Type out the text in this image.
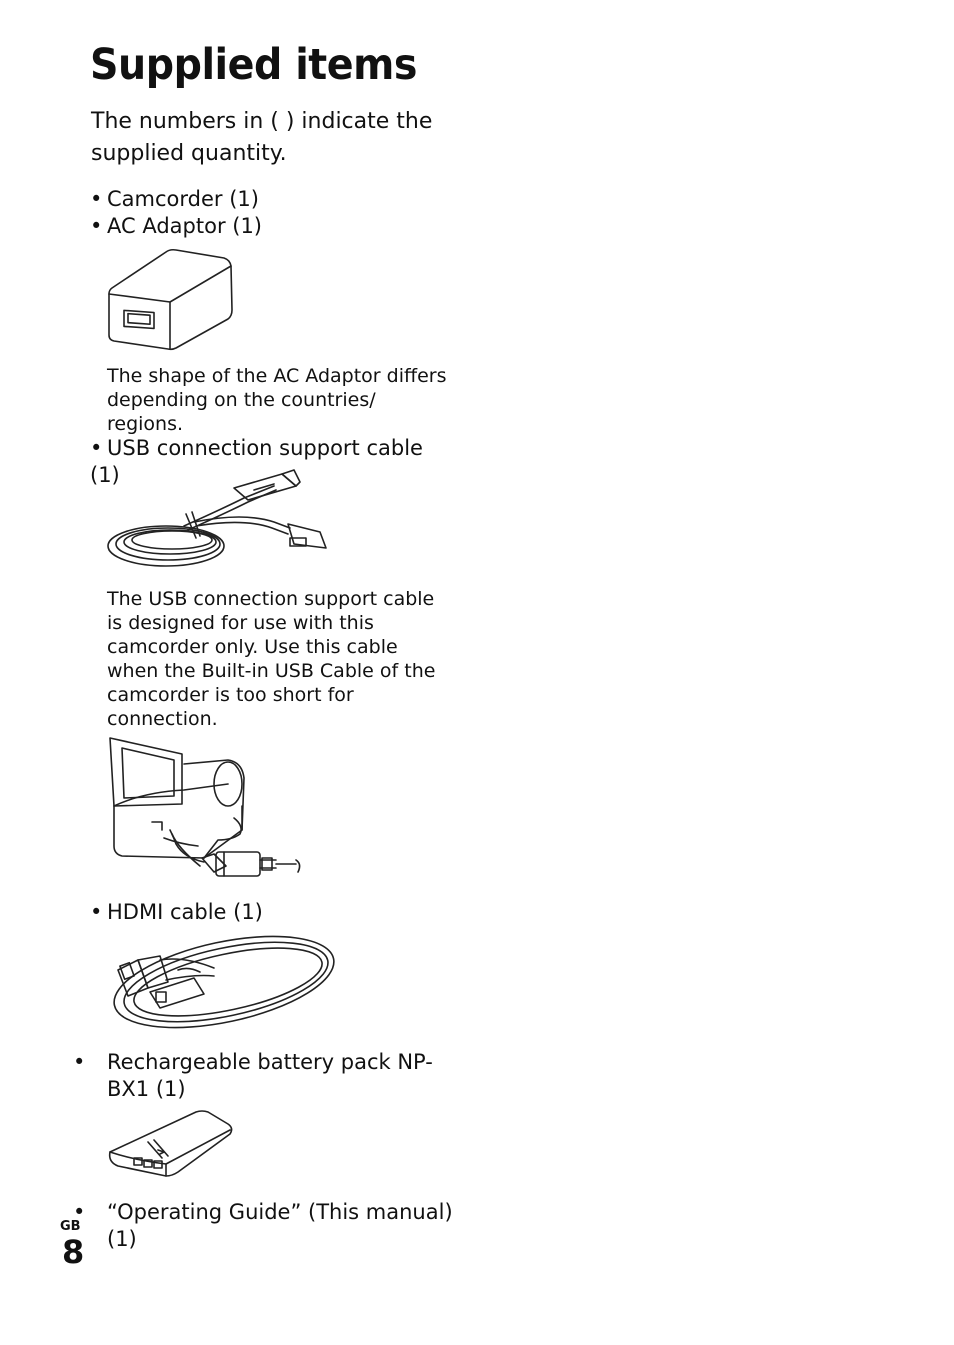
Supplied items
The numbers in ( ) indicate the supplied quantity.
• Camcorder (1)
• AC Adaptor (1)
The shape of the AC Adaptor differs depending on the countries/ regions.
• USB connection support cable (1)
The USB connection support cable is designed for use with this camcorder only. Use this cable when the Built-in USB Cable of the camcorder is too short for connection.
• HDMI cable (1)
• Rechargeable battery pack NP-BX1 (1)
• “Operating Guide” (This manual) (1)
GB
8
